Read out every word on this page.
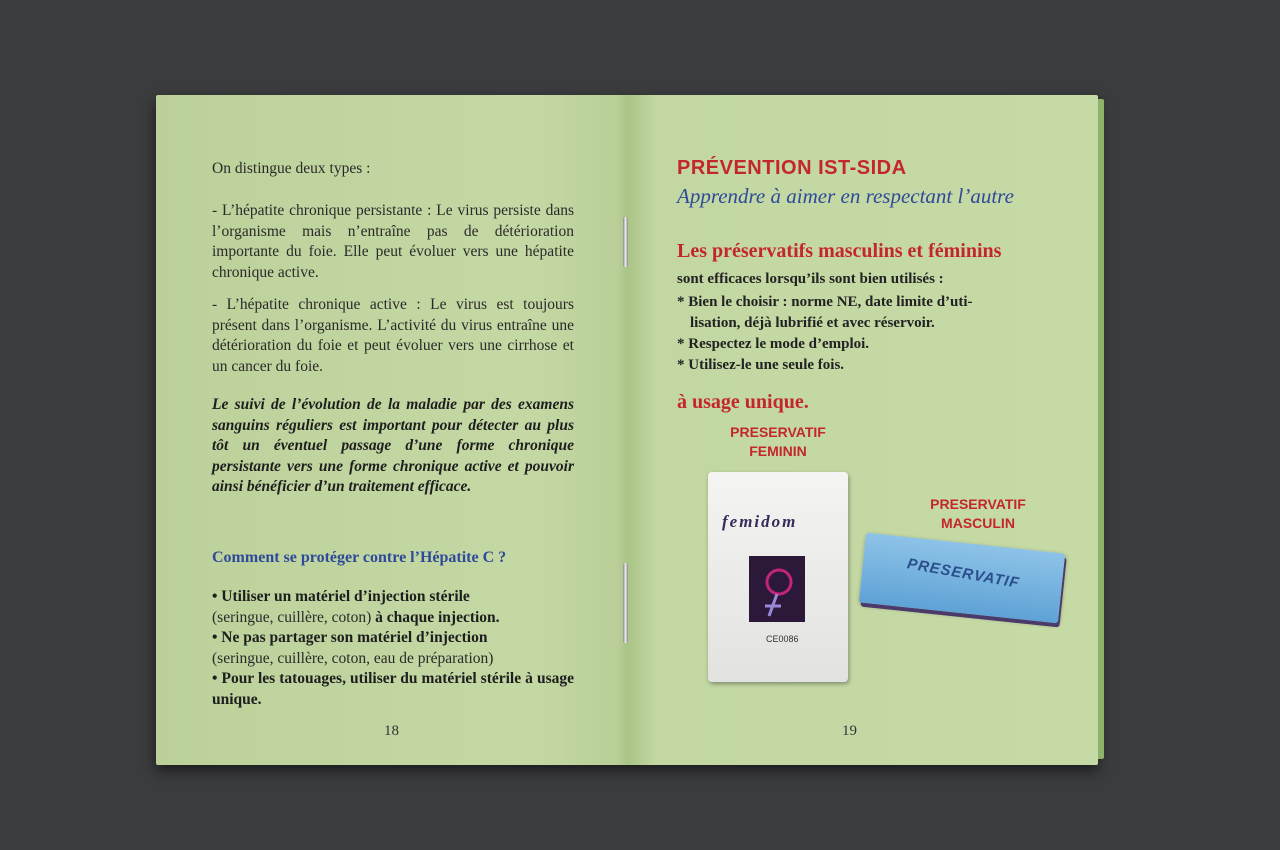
On distingue deux types :

- L’hépatite chronique persistante : Le virus persiste dans l’organisme mais n’entraîne pas de détérioration importante du foie. Elle peut évoluer vers une hépatite chronique active.

- L’hépatite chronique active : Le virus est toujours présent dans l’organisme. L’activité du virus entraîne une détérioration du foie et peut évoluer vers une cirrhose et un cancer du foie.

Le suivi de l’évolution de la maladie par des examens sanguins réguliers est important pour détecter au plus tôt un éventuel passage d’une forme chronique persistante vers une forme chronique active et pouvoir ainsi bénéficier d’un traitement efficace.

Comment se protéger contre l’Hépatite C ?

• Utiliser un matériel d’injection stérile
(seringue, cuillère, coton) à chaque injection.
• Ne pas partager son matériel d’injection
(seringue, cuillère, coton, eau de préparation)
• Pour les tatouages, utiliser du matériel stérile à usage unique.
18
PRÉVENTION IST-SIDA
Apprendre à aimer en respectant l’autre
Les préservatifs masculins et féminins
sont efficaces lorsqu’ils sont bien utilisés :
* Bien le choisir : norme NE, date limite d’uti-
lisation, déjà lubrifié et avec réservoir.
* Respectez le mode d’emploi.
* Utilisez-le une seule fois.
à usage unique.
PRESERVATIF
FEMININ
PRESERVATIF
MASCULIN
19
femidom
CE0086
PRESERVATIF
